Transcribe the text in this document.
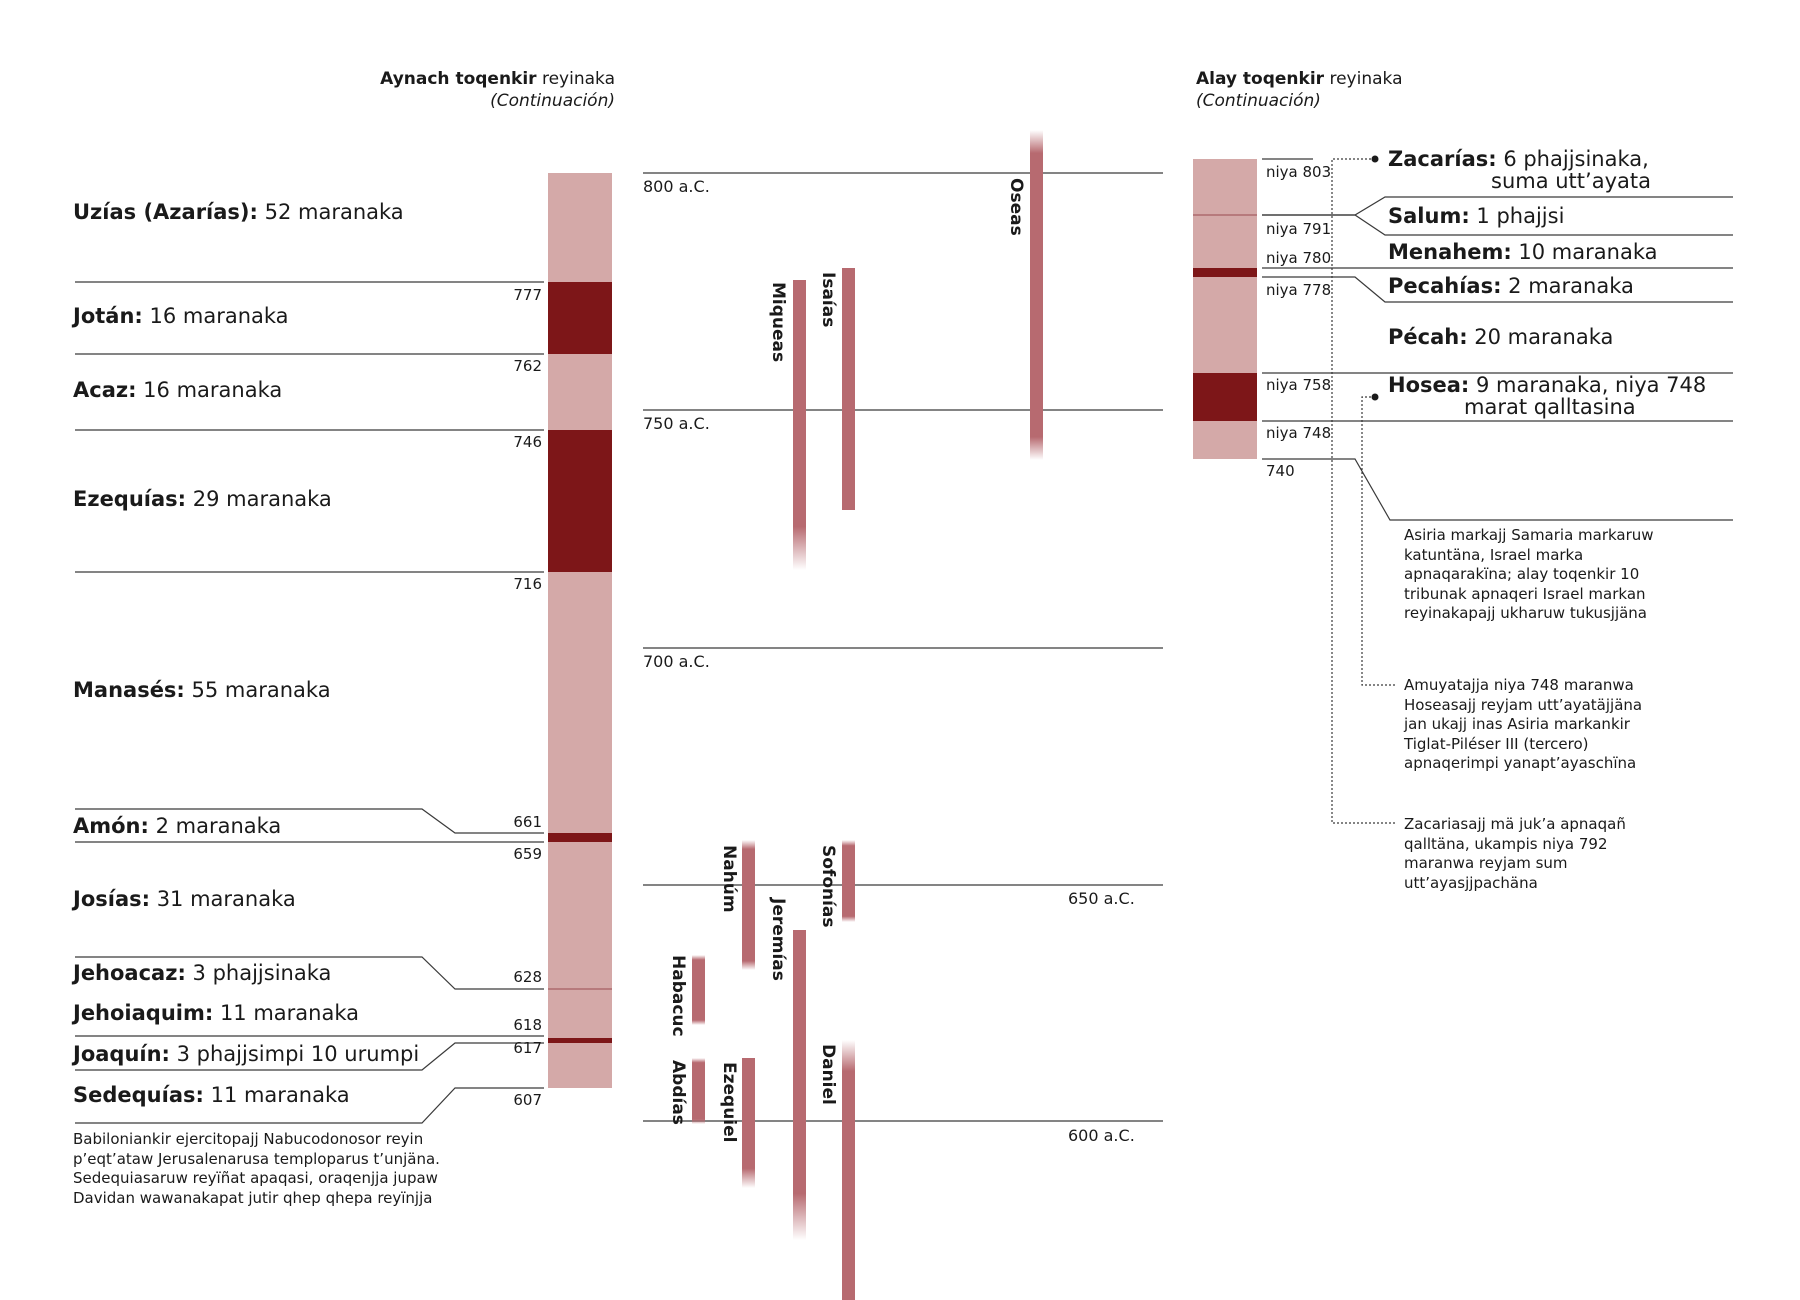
Aynach toqenkir reyinaka
(Continuación)
Alay toqenkir reyinaka
(Continuación)
Uzías (Azarías): 52 maranaka
Jotán: 16 maranaka
Acaz: 16 maranaka
Ezequías: 29 maranaka
Manasés: 55 maranaka
Amón: 2 maranaka
Josías: 31 maranaka
Jehoacaz: 3 phajjsinaka
Jehoiaquim: 11 maranaka
Joaquín: 3 phajjsimpi 10 urumpi
Sedequías: 11 maranaka
777
762
746
716
661
659
628
618
617
607
Babiloniankir ejercitopajj Nabucodonosor reyin p’eqt’ataw Jerusalenarusa temploparus t’unjäna. Sedequiasaruw reyïñat apaqasi, oraqenjja jupaw Davidan wawanakapat jutir qhep qhepa reyïnjja
800 a.C.
750 a.C.
700 a.C.
650 a.C.
600 a.C.
Oseas
Miqueas Isaías
Nahúm	Sofonías
Jeremías
Habacuc
Abdías Ezequiel	Daniel
niya 803
niya 791
niya 780
niya 778
niya 758
niya 748
740
Zacarías: 6 phajjsinaka,
suma utt’ayata
Salum: 1 phajjsi
Menahem: 10 maranaka
Pecahías: 2 maranaka
Pécah: 20 maranaka
Hosea: 9 maranaka, niya 748
marat qalltasina
Asiria markajj Samaria markaruw katuntäna, Israel marka apnaqarakïna; alay toqenkir 10 tribunak apnaqeri Israel markan reyinakapajj ukharuw tukusjjäna
Amuyatajja niya 748 maranwa Hoseasajj reyjam utt’ayatäjjäna jan ukajj inas Asiria markankir Tiglat-Piléser III (tercero) apnaqerimpi yanapt’ayaschïna
Zacariasajj mä juk’a apnaqañ qalltäna, ukampis niya 792 maranwa reyjam sum utt’ayasjjpachäna
